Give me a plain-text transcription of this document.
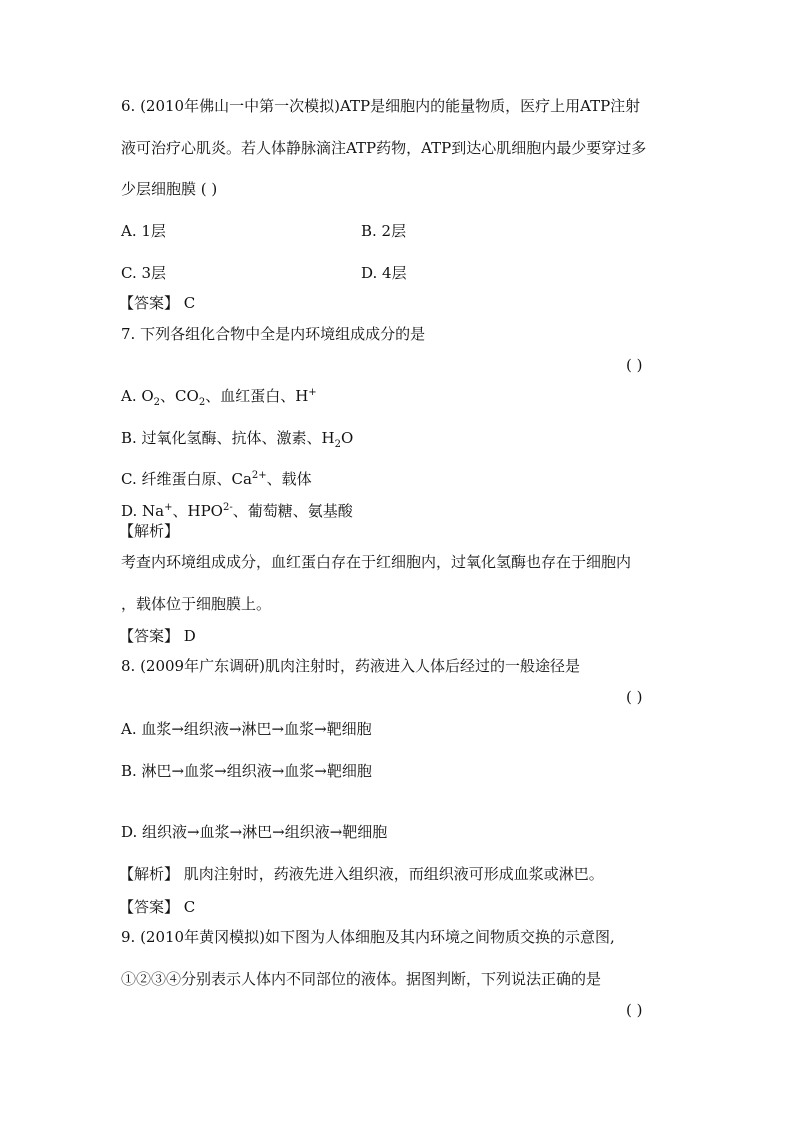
6. (2010年佛山一中第一次模拟)ATP是细胞内的能量物质，医疗上用ATP注射
液可治疗心肌炎。若人体静脉滴注ATP药物，ATP到达心肌细胞内最少要穿过多
少层细胞膜 ( )
A. 1层	B. 2层
C. 3层	D. 4层
【答案】 C
7. 下列各组化合物中全是内环境组成成分的是
( )
A. $O_2$、$CO_2$、血红蛋白、H+
B. 过氧化氢酶、抗体、激素、$H_2O$
C. 纤维蛋白原、$Ca^{2+}$、载体
D. Na+、$HPO^{2-}$、葡萄糖、氨基酸
【解析】
考查内环境组成成分，血红蛋白存在于红细胞内，过氧化氢酶也存在于细胞内
，载体位于细胞膜上。
【答案】 D
8. (2009年广东调研)肌肉注射时，药液进入人体后经过的一般途径是
( )
A. 血浆→组织液→淋巴→血浆→靶细胞
B. 淋巴→血浆→组织液→血浆→靶细胞
D. 组织液→血浆→淋巴→组织液→靶细胞
【解析】 肌肉注射时，药液先进入组织液，而组织液可形成血浆或淋巴。
【答案】 C
9. (2010年黄冈模拟)如下图为人体细胞及其内环境之间物质交换的示意图,
①②③④分别表示人体内不同部位的液体。据图判断，下列说法正确的是
( )
